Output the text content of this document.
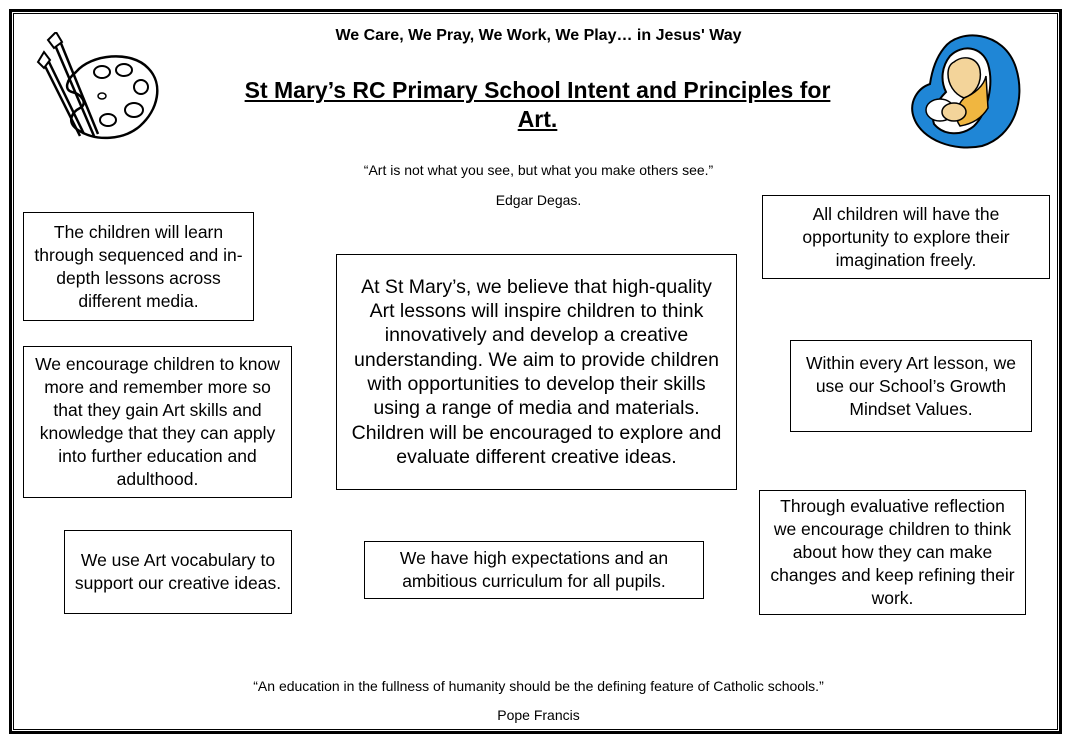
We Care, We Pray, We Work, We Play… in Jesus' Way
St Mary’s RC Primary School Intent and Principles for Art.
“Art is not what you see, but what you make others see.”
Edgar Degas.
The children will learn through sequenced and in-depth lessons across different media.
We encourage children to know more and remember more so that they gain Art skills and knowledge that they can apply into further education and adulthood.
We use Art vocabulary to support our creative ideas.
At St Mary’s, we believe that high-quality Art lessons will inspire children to think innovatively and develop a creative understanding. We aim to provide children with opportunities to develop their skills using a range of media and materials. Children will be encouraged to explore and evaluate different creative ideas.
We have high expectations and an ambitious curriculum for all pupils.
All children will have the opportunity to explore their imagination freely.
Within every Art lesson, we use our School’s Growth Mindset Values.
Through evaluative reflection we encourage children to think about how they can make changes and keep refining their work.
“An education in the fullness of humanity should be the defining feature of Catholic schools.”
Pope Francis
